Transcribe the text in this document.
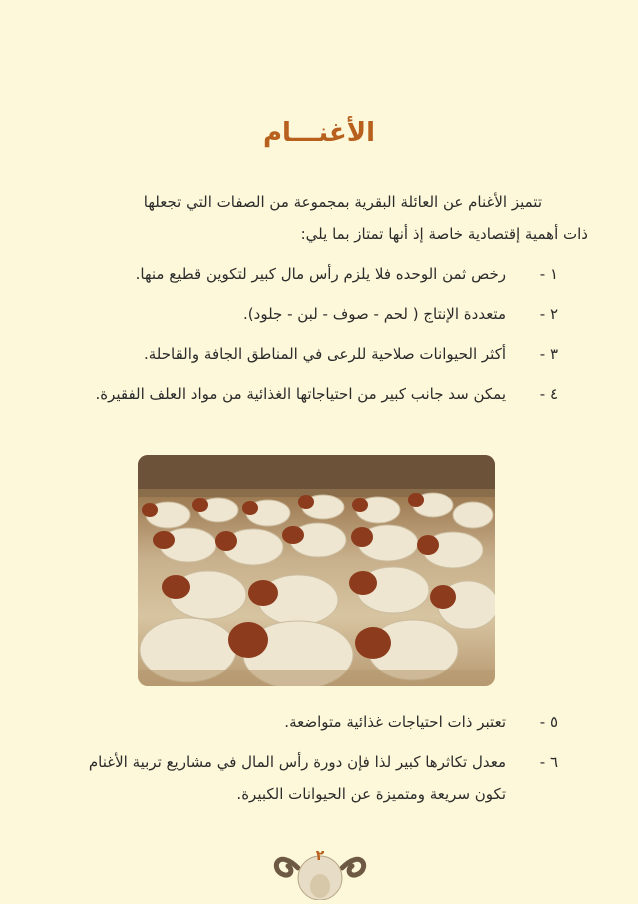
الأغنـــام
تتميز الأغنام عن العائلة البقرية بمجموعة من الصفات التي تجعلها
ذات أهمية إقتصادية خاصة إذ أنها تمتاز بما يلي:
١ -
رخص ثمن الوحده فلا يلزم رأس مال كبير لتكوين قطيع منها.
٢ -
متعددة الإنتاج ( لحم - صوف - لبن - جلود).
٣ -
أكثر الحيوانات صلاحية للرعى في المناطق الجافة والقاحلة.
٤ -
يمكن سد جانب كبير من احتياجاتها الغذائية من مواد العلف الفقيرة.
٥ -
تعتبر ذات احتياجات غذائية متواضعة.
٦ -
معدل تكاثرها كبير لذا فإن دورة رأس المال في مشاريع تربية الأغنام تكون سريعة ومتميزة عن الحيوانات الكبيرة.
٢
